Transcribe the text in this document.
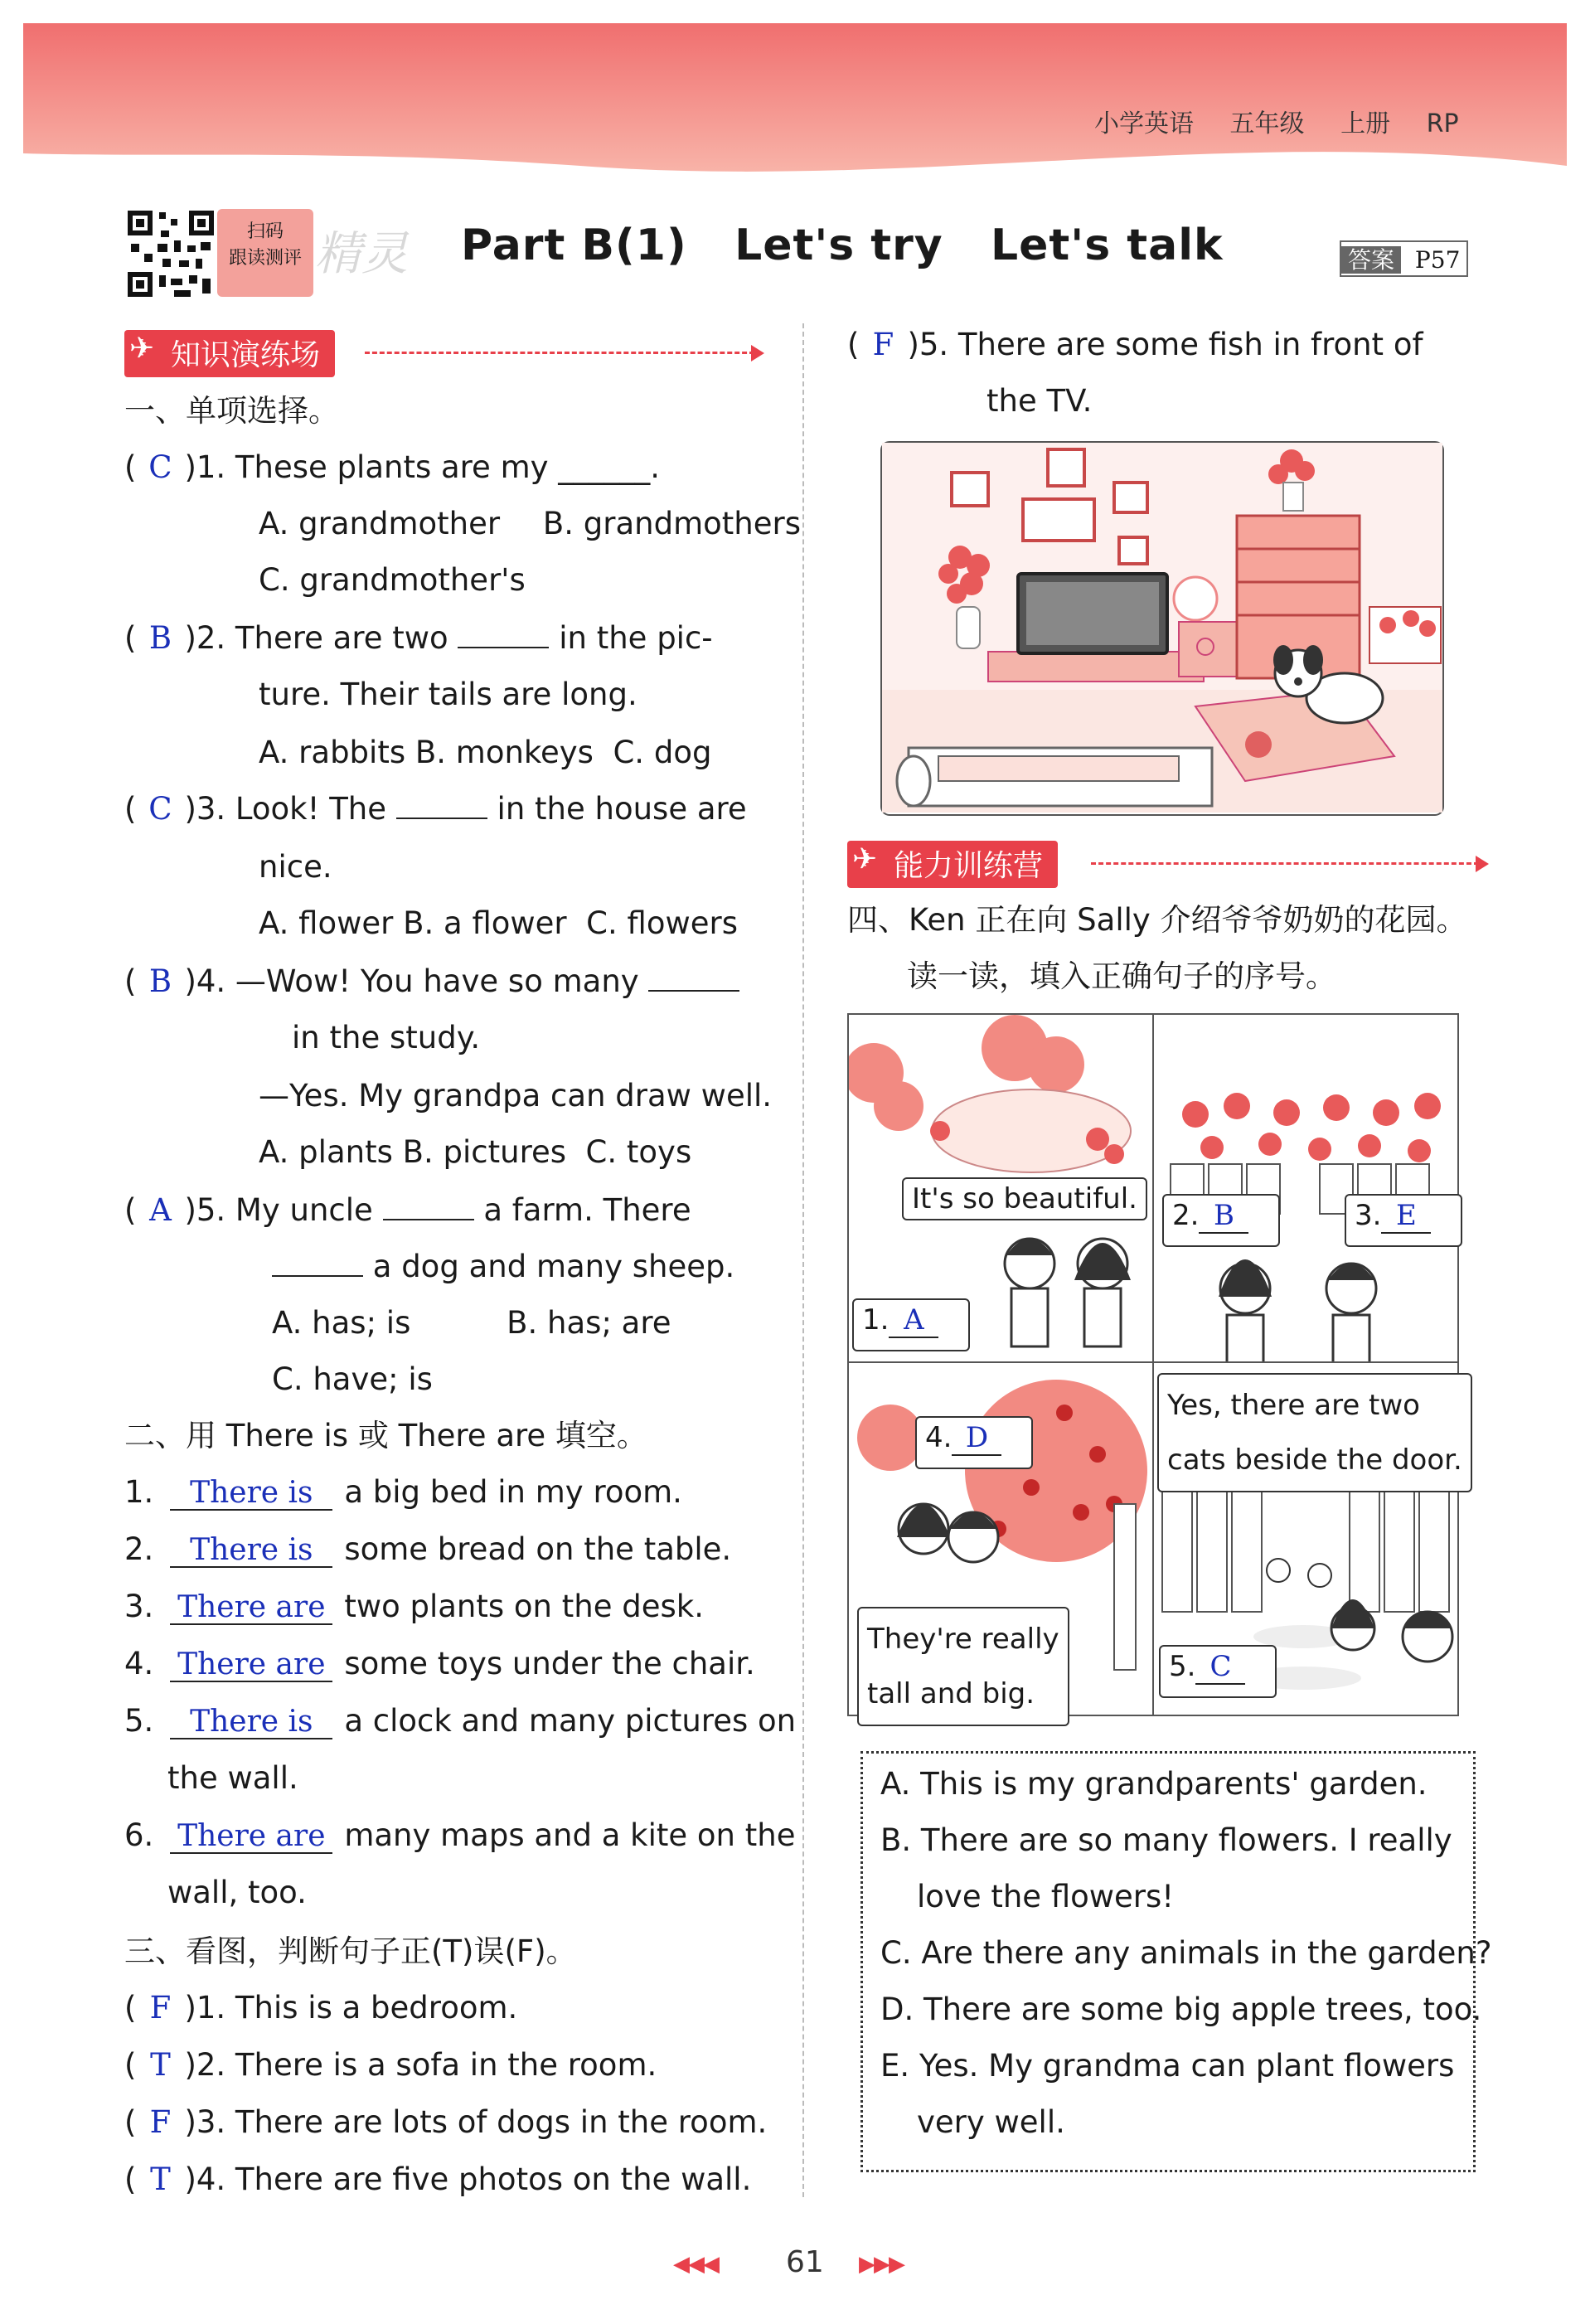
小学英语 五年级 上册 RP
扫码
跟读测评 精灵 Part B(1)   Let's try   Let's talk	答案 P57
知识演练场
✈
一、单项选择。
( C )1. These plants are my ______.
A. grandmother B. grandmothers
C. grandmother's
( B )2. There are two	in the pic-
ture. Their tails are long.
A. rabbits B. monkeys  C. dog
( C )3. Look! The	in the house are
nice.
A. flower B. a flower  C. flowers
( B )4. —Wow! You have so many
in the study.
—Yes. My grandpa can draw well.
A. plants B. pictures  C. toys
( A )5. My uncle	a farm. There
a dog and many sheep.
A. has; is	B. has; are
C. have; is
二、用 There is 或 There are 填空。
1. There is a big bed in my room.
2. There is some bread on the table.
3. There are two plants on the desk.
4. There are some toys under the chair.
5. There is a clock and many pictures on
the wall.
6. There are many maps and a kite on the
wall, too.
三、看图，判断句子正(T)误(F)。
( F )1. This is a bedroom.
( T )2. There is a sofa in the room.
( F )3. There are lots of dogs in the room.
( T )4. There are five photos on the wall.
( F )5. There are some fish in front of
the TV.
能力训练营
✈
四、Ken 正在向 Sally 介绍爷爷奶奶的花园。
读一读，填入正确句子的序号。
It's so beautiful.	2. B	3. E
1. A
4. D
Yes, there are two
cats beside the door.
They're really
tall and big.
5. C
A. This is my grandparents' garden.
B. There are so many flowers. I really
love the flowers!
C. Are there any animals in the garden?
D. There are some big apple trees, too.
E. Yes. My grandma can plant flowers
very well.
◀◀◀ 61 ▶▶▶
